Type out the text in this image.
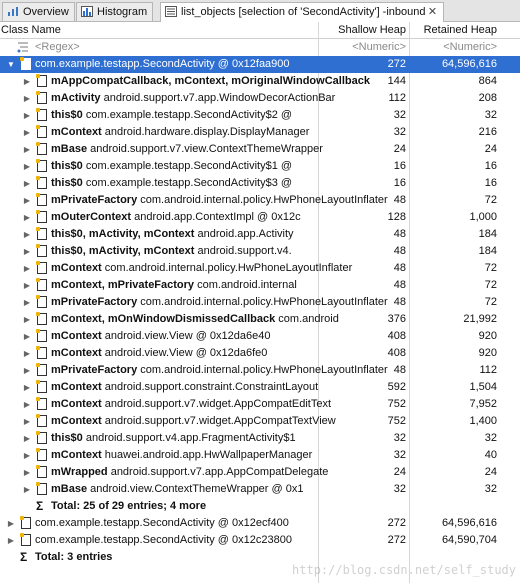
Overview	Histogram	list_objects [selection of 'SecondActivity'] -inbound ✕
Class Name	Shallow Heap	Retained Heap
<Regex>	<Numeric>	<Numeric>
▼ com.example.testapp.SecondActivity @ 0x12faa900	272	64,596,616
▶ mAppCompatCallback, mContext, mOriginalWindowCallback	144	864
▶ mActivity android.support.v7.app.WindowDecorActionBar	112	208
▶ this$0 com.example.testapp.SecondActivity$2 @	32	32
▶ mContext android.hardware.display.DisplayManager	32	216
▶ mBase android.support.v7.view.ContextThemeWrapper	24	24
▶ this$0 com.example.testapp.SecondActivity$1 @	16	16
▶ this$0 com.example.testapp.SecondActivity$3 @	16	16
▶ mPrivateFactory com.android.internal.policy.HwPhoneLayoutInflater 48	72
▶ mOuterContext android.app.ContextImpl @ 0x12c	128	1,000
▶ this$0, mActivity, mContext android.app.Activity	48	184
▶ this$0, mActivity, mContext android.support.v4.	48	184
▶ mContext com.android.internal.policy.HwPhoneLayoutInflater	48	72
▶ mContext, mPrivateFactory com.android.internal	48	72
▶ mPrivateFactory com.android.internal.policy.HwPhoneLayoutInflater 48	72
▶ mContext, mOnWindowDismissedCallback com.android	376	21,992
▶ mContext android.view.View @ 0x12da6e40	408	920
▶ mContext android.view.View @ 0x12da6fe0	408	920
▶ mPrivateFactory com.android.internal.policy.HwPhoneLayoutInflater 48	112
▶ mContext android.support.constraint.ConstraintLayout	592	1,504
▶ mContext android.support.v7.widget.AppCompatEditText	752	7,952
▶ mContext android.support.v7.widget.AppCompatTextView	752	1,400
▶ this$0 android.support.v4.app.FragmentActivity$1	32	32
▶ mContext huawei.android.app.HwWallpaperManager	32	40
▶ mWrapped android.support.v7.app.AppCompatDelegate	24	24
▶ mBase android.view.ContextThemeWrapper @ 0x1	32	32
Σ Total: 25 of 29 entries; 4 more
▶ com.example.testapp.SecondActivity @ 0x12ecf400	272	64,596,616
▶ com.example.testapp.SecondActivity @ 0x12c23800	272	64,590,704
Σ Total: 3 entries
http://blog.csdn.net/self_study
